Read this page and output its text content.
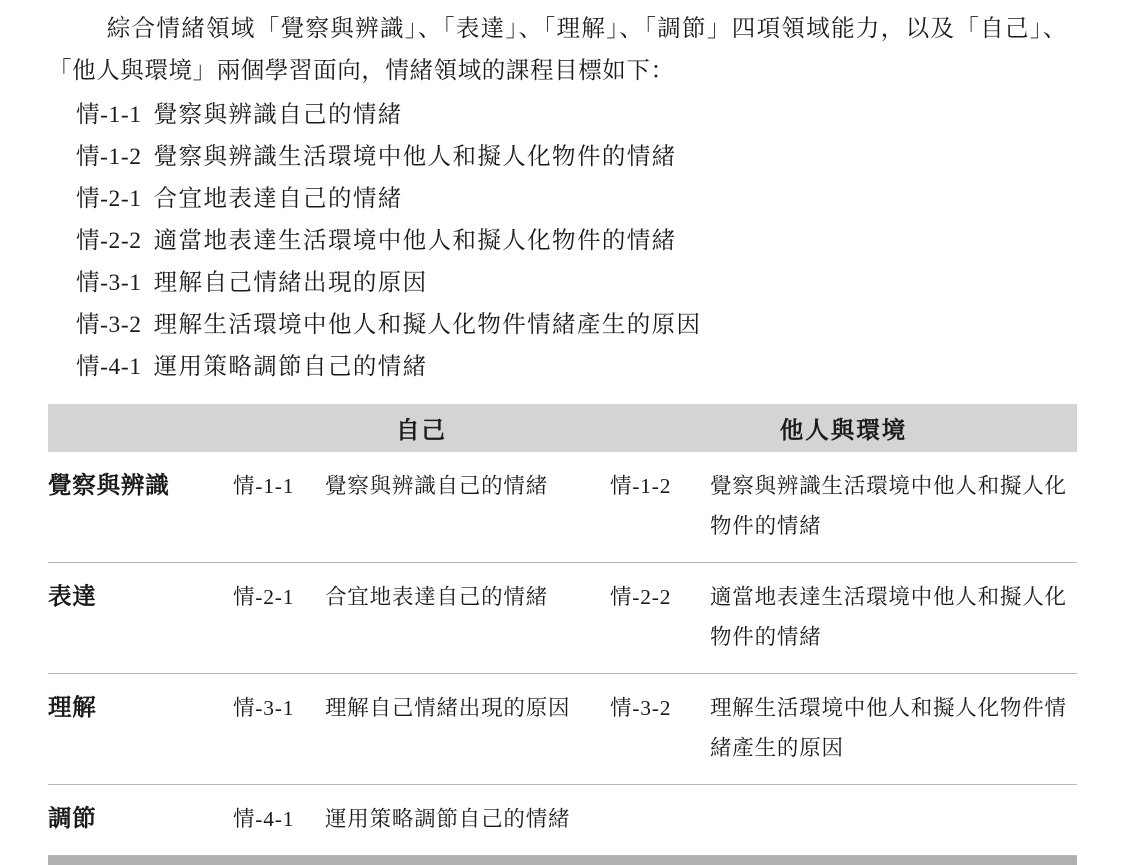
綜合情緒領域「覺察與辨識」、「表達」、「理解」、「調節」四項領域能力，以及「自己」、「他人與環境」兩個學習面向，情緒領域的課程目標如下：

情-1-1 覺察與辨識自己的情緒
情-1-2 覺察與辨識生活環境中他人和擬人化物件的情緒
情-2-1 合宜地表達自己的情緒
情-2-2 適當地表達生活環境中他人和擬人化物件的情緒
情-3-1 理解自己情緒出現的原因
情-3-2 理解生活環境中他人和擬人化物件情緒產生的原因
情-4-1 運用策略調節自己的情緒
	自己		他人與環境	
覺察與辨識	情-1-1	覺察與辨識自己的情緒	情-1-2	覺察與辨識生活環境中他人和擬人化物件的情緒
表達	情-2-1	合宜地表達自己的情緒	情-2-2	適當地表達生活環境中他人和擬人化物件的情緒
理解	情-3-1	理解自己情緒出現的原因	情-3-2	理解生活環境中他人和擬人化物件情緒產生的原因
調節	情-4-1	運用策略調節自己的情緒		
